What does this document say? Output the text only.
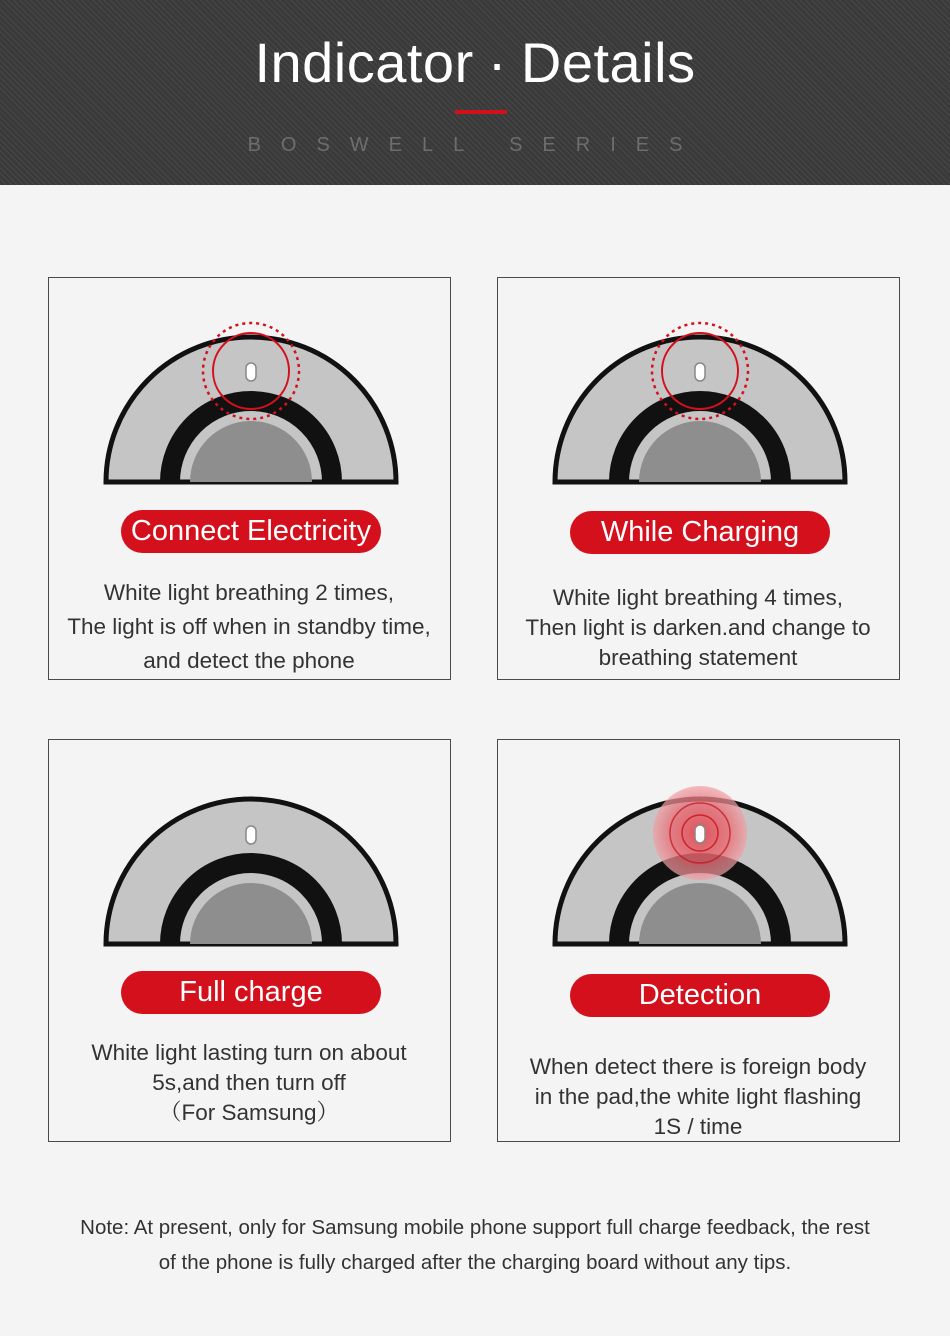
Indicator · Details
BOSWELL SERIES
Connect Electricity
White light breathing 2 times,
The light is off when in standby time,
and detect the phone
While Charging
White light breathing 4 times,
Then light is darken.and change to
breathing statement
Full charge
White light lasting turn on about
5s,and then turn off
（For Samsung）
Detection
When detect there is foreign body
in the pad,the white light flashing
1S / time
Note: At present, only for Samsung mobile phone support full charge feedback, the rest
of the phone is fully charged after the charging board without any tips.
